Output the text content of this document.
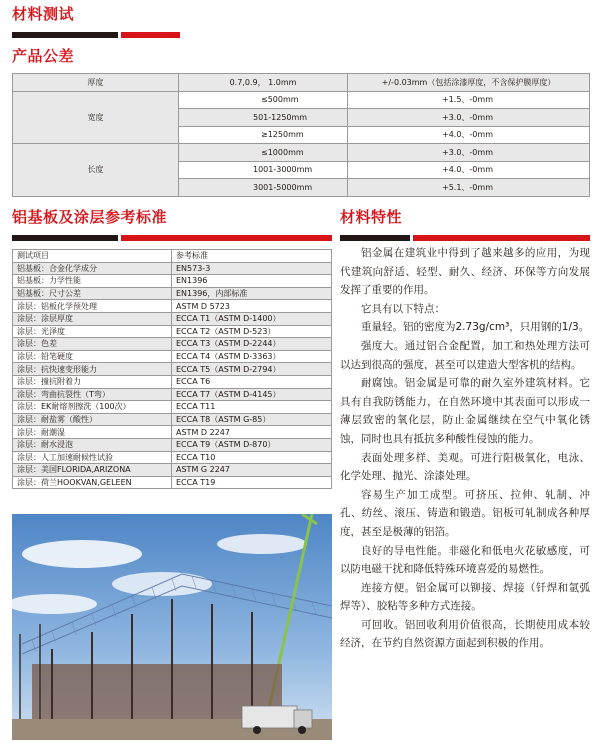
材料测试
产品公差
厚度	0.7,0.9， 1.0mm	+/-0.03mm（包括涂漆厚度，不含保护膜厚度）
宽度	≤500mm	+1.5、-0mm
	501-1250mm	+3.0、-0mm
	≥1250mm	+4.0、-0mm
长度	≤1000mm	+3.0、-0mm
	1001-3000mm	+4.0、-0mm
	3001-5000mm	+5.1、-0mm
铝基板及涂层参考标准	材料特性
测试项目	参考标准
铝基板：合金化学成分	EN573-3
铝基板：力学性能	EN1396
铝基板：尺寸公差	EN1396，内部标准
涂层：铝板化学预处理	ASTM D 5723
涂层：涂层厚度	ECCA T1（ASTM D-1400）
涂层：光泽度	ECCA T2（ASTM D-523）
涂层：色差	ECCA T3（ASTM D-2244）
涂层：铅笔硬度	ECCA T4（ASTM D-3363）
涂层：抗快速变形能力	ECCA T5（ASTM D-2794）
涂层：撞抗附着力	ECCA T6
涂层：弯曲抗裂性（T弯）	ECCA T7（ASTM D-4145）
涂层：EK耐熔剂擦洗（100次）	ECCA T11
涂层：耐盐雾（酸性）	ECCA T8（ASTM G-85）
涂层：耐潮湿	ASTM D 2247
涂层：耐水浸泡	ECCA T9（ASTM D-870）
涂层：人工加速耐候性试验	ECCA T10
涂层：美国FLORIDA,ARIZONA	ASTM G 2247
涂层：荷兰HOOKVAN,GELEEN	ECCA T19

铝金属在建筑业中得到了越来越多的应用，为现代建筑向舒适、轻型、耐久、经济、环保等方向发展发挥了重要的作用。

它具有以下特点：

重量轻。铝的密度为2.73g/cm³，只用钢的1/3。

强度大。通过铝合金配置，加工和热处理方法可以达到很高的强度，甚至可以建造大型客机的结构。

耐腐蚀。铝金属是可靠的耐久室外建筑材料。它具有自我防锈能力，在自然环境中其表面可以形成一薄层致密的氧化层，防止金属继续在空气中氧化锈蚀，同时也具有抵抗多种酸性侵蚀的能力。

表面处理多样、美观。可进行阳极氧化，电泳、化学处理、抛光、涂漆处理。

容易生产加工成型。可挤压、拉伸、轧制、冲孔、纺丝、滚压、铸造和锻造。铝板可轧制成各种厚度，甚至是极薄的铝箔。

良好的导电性能。非磁化和低电火花敏感度，可以防电磁干扰和降低特殊环境喜爱的易燃性。

连接方便。铝金属可以铆接、焊接（钎焊和氩弧焊等）、胶粘等多种方式连接。

可回收。铝回收利用价值很高，长期使用成本较经济，在节约自然资源方面起到积极的作用。
